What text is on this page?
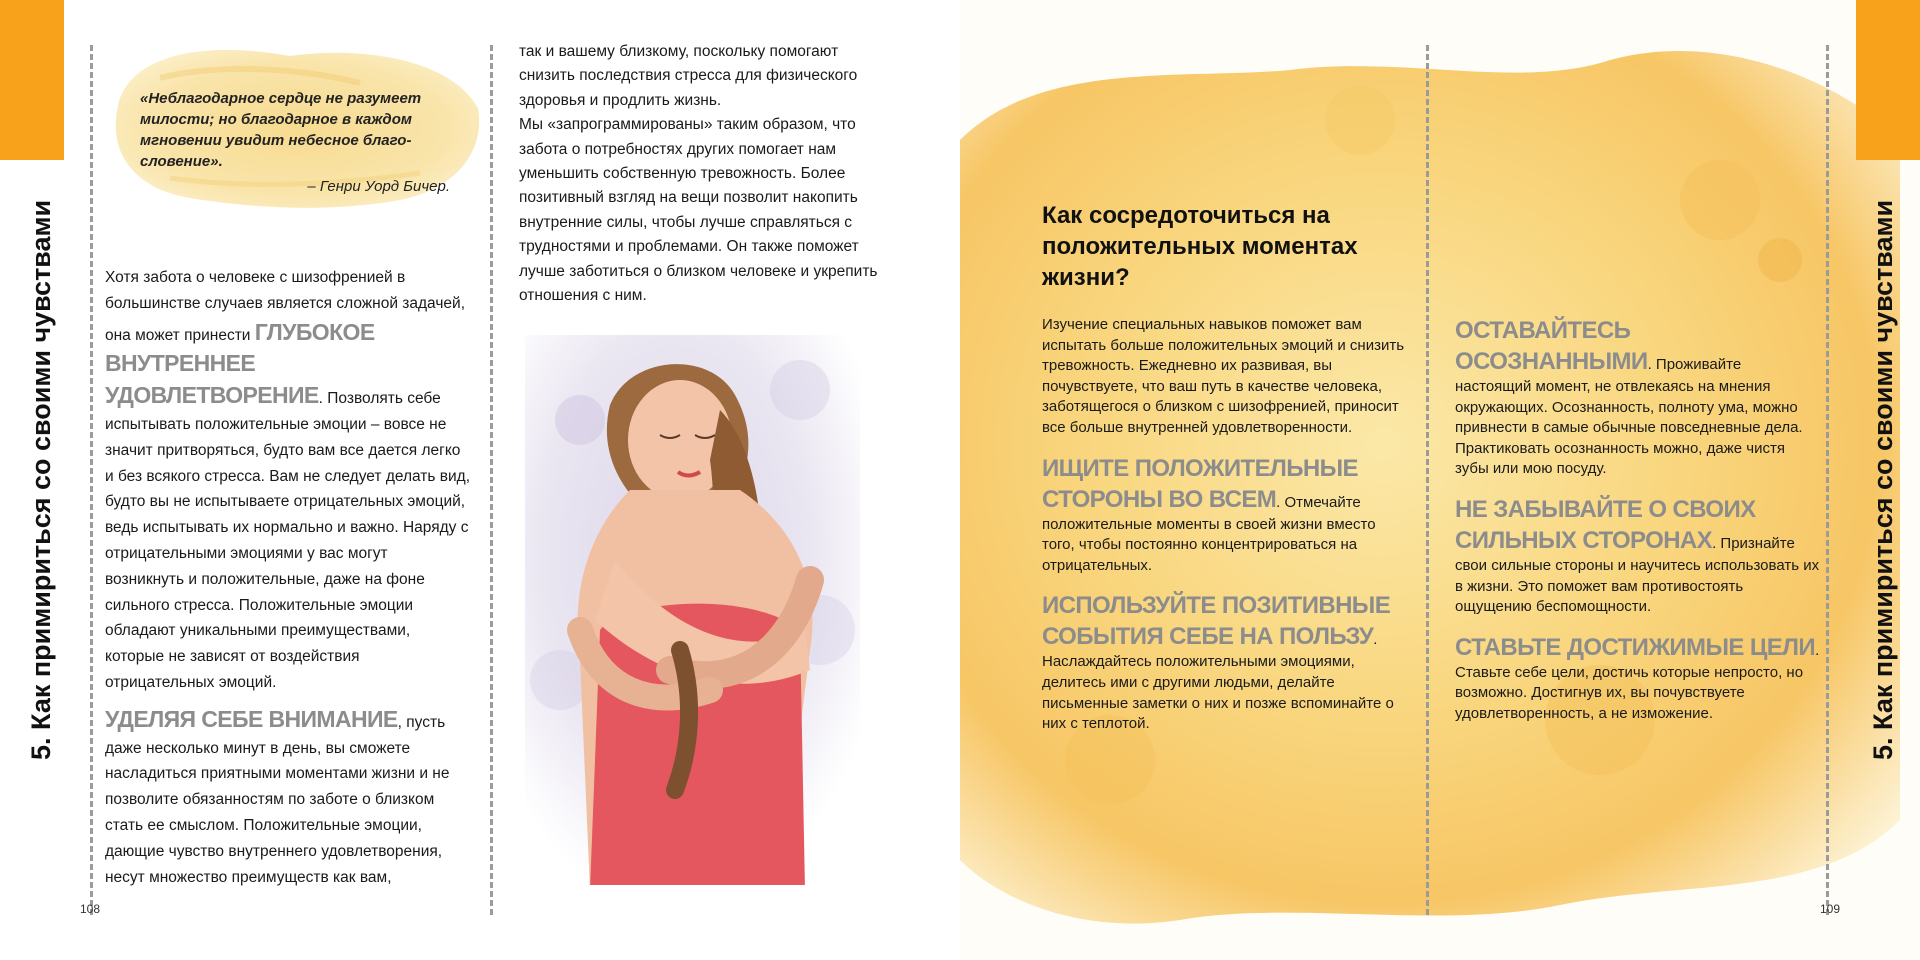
5. Как примириться со своими чувствами
«Неблагодарное сердце не разумеет милости; но благодарное в каждом мгновении увидит небесное благословение».
– Генри Уорд Бичер.
Хотя забота о человеке с шизофренией в большинстве случаев является сложной задачей, она может принести ГЛУБОКОЕ ВНУТРЕННЕЕ УДОВЛЕТВОРЕНИЕ. Позволять себе испытывать положительные эмоции – вовсе не значит притворяться, будто вам все дается легко и без всякого стресса. Вам не следует делать вид, будто вы не испытываете отрицательных эмоций, ведь испытывать их нормально и важно. Наряду с отрицательными эмоциями у вас могут возникнуть и положительные, даже на фоне сильного стресса. Положительные эмоции обладают уникальными преимуществами, которые не зависят от воздействия отрицательных эмоций.
УДЕЛЯЯ СЕБЕ ВНИМАНИЕ, пусть даже несколько минут в день, вы сможете насладиться приятными моментами жизни и не позволите обязанностям по заботе о близком стать ее смыслом. Положительные эмоции, дающие чувство внутреннего удовлетворения, несут множество преимуществ как вам,

так и вашему близкому, поскольку помогают снизить последствия стресса для физического здоровья и продлить жизнь.

Мы «запрограммированы» таким образом, что забота о потребностях других помогает нам уменьшить собственную тревожность. Более позитивный взгляд на вещи позволит накопить внутренние силы, чтобы лучше справляться с трудностями и проблемами. Он также поможет лучше заботиться о близком человеке и укрепить отношения с ним.

108
5. Как примириться со своими чувствами
Как сосредоточиться на положительных моментах жизни?

Изучение специальных навыков поможет вам испытать больше положительных эмоций и снизить тревожность. Ежедневно их развивая, вы почувствуете, что ваш путь в качестве человека, заботящегося о близком с шизофренией, приносит все больше внутренней удовлетворенности.

ИЩИТЕ ПОЛОЖИТЕЛЬНЫЕ СТОРОНЫ ВО ВСЕМ. Отмечайте положительные моменты в своей жизни вместо того, чтобы постоянно концентрироваться на отрицательных.

ИСПОЛЬЗУЙТЕ ПОЗИТИВНЫЕ СОБЫТИЯ СЕБЕ НА ПОЛЬЗУ. Наслаждайтесь положительными эмоциями, делитесь ими с другими людьми, делайте письменные заметки о них и позже вспоминайте о них с теплотой.

ОСТАВАЙТЕСЬ ОСОЗНАННЫМИ. Проживайте настоящий момент, не отвлекаясь на мнения окружающих. Осознанность, полноту ума, можно привнести в самые обычные повседневные дела. Практиковать осознанность можно, даже чистя зубы или мою посуду.

НЕ ЗАБЫВАЙТЕ О СВОИХ СИЛЬНЫХ СТОРОНАХ. Признайте свои сильные стороны и научитесь использовать их в жизни. Это поможет вам противостоять ощущению беспомощности.

СТАВЬТЕ ДОСТИЖИМЫЕ ЦЕЛИ. Ставьте себе цели, достичь которые непросто, но возможно. Достигнув их, вы почувствуете удовлетворенность, а не изможение.

109
